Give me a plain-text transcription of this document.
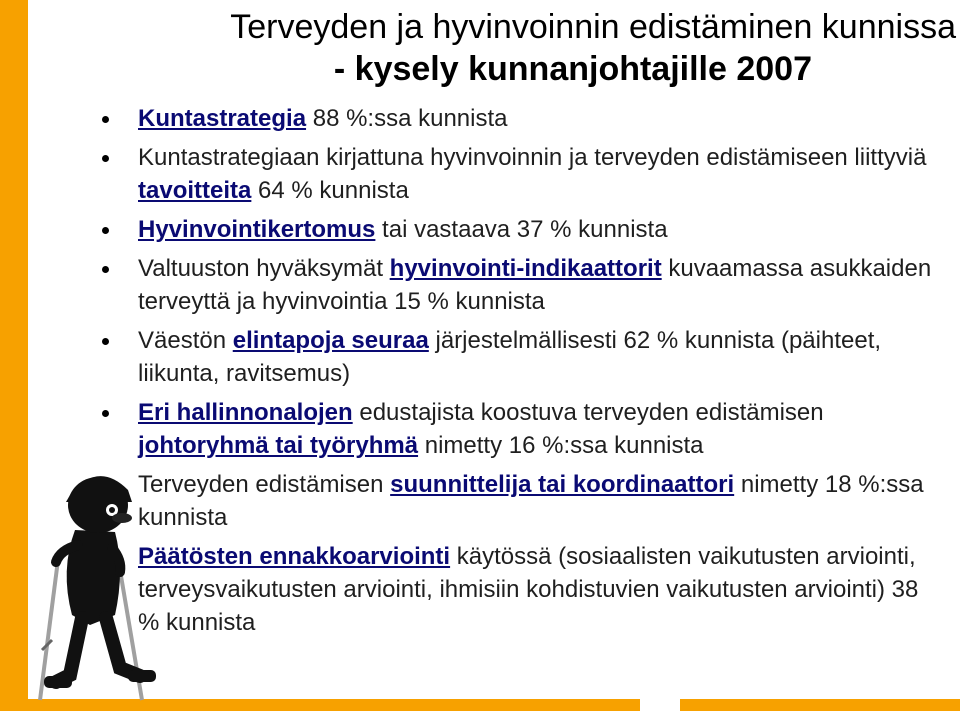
Terveyden ja hyvinvoinnin edistäminen kunnissa
- kysely kunnanjohtajille 2007
Kuntastrategia 88 %:ssa kunnista
Kuntastrategiaan kirjattuna hyvinvoinnin ja terveyden edistämiseen liittyviä tavoitteita 64 % kunnista
Hyvinvointikertomus tai vastaava 37 % kunnista
Valtuuston hyväksymät hyvinvointi-indikaattorit kuvaamassa asukkaiden terveyttä ja hyvinvointia 15 % kunnista
Väestön elintapoja seuraa järjestelmällisesti 62 % kunnista (päihteet, liikunta, ravitsemus)
Eri hallinnonalojen edustajista koostuva terveyden edistämisen johtoryhmä tai työryhmä nimetty 16 %:ssa kunnista
Terveyden edistämisen suunnittelija tai koordinaattori nimetty 18 %:ssa kunnista
Päätösten ennakkoarviointi käytössä (sosiaalisten vaikutusten arviointi, terveysvaikutusten arviointi, ihmisiin kohdistuvien vaikutusten arviointi) 38 % kunnista
